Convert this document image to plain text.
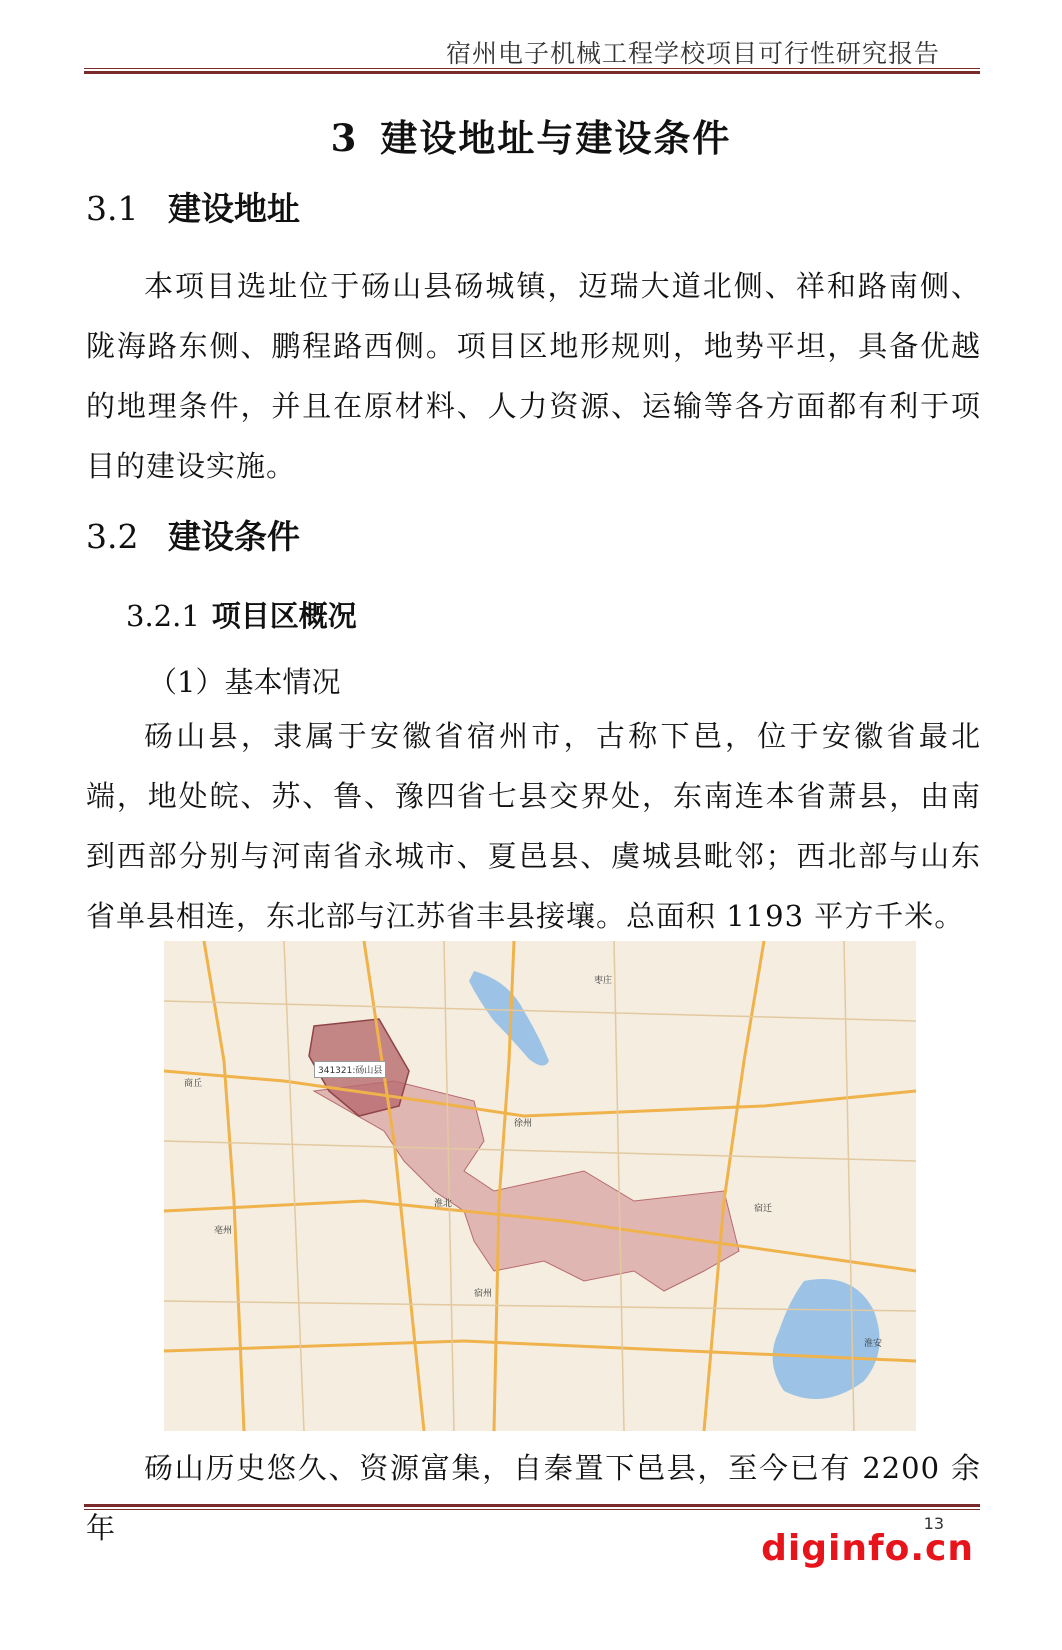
宿州电子机械工程学校项目可行性研究报告
3 建设地址与建设条件
3.1 建设地址
本项目选址位于砀山县砀城镇，迈瑞大道北侧、祥和路南侧、陇海路东侧、鹏程路西侧。项目区地形规则，地势平坦，具备优越的地理条件，并且在原材料、人力资源、运输等各方面都有利于项目的建设实施。
3.2 建设条件
3.2.1 项目区概况
（1）基本情况
砀山县，隶属于安徽省宿州市，古称下邑，位于安徽省最北端，地处皖、苏、鲁、豫四省七县交界处，东南连本省萧县，由南到西部分别与河南省永城市、夏邑县、虞城县毗邻；西北部与山东省单县相连，东北部与江苏省丰县接壤。总面积 1193 平方千米。
商丘
徐州
淮北
宿州
亳州
宿迁
枣庄
淮安
341321:砀山县
砀山历史悠久、资源富集，自秦置下邑县，至今已有 2200 余年	13
diginfo.cn
